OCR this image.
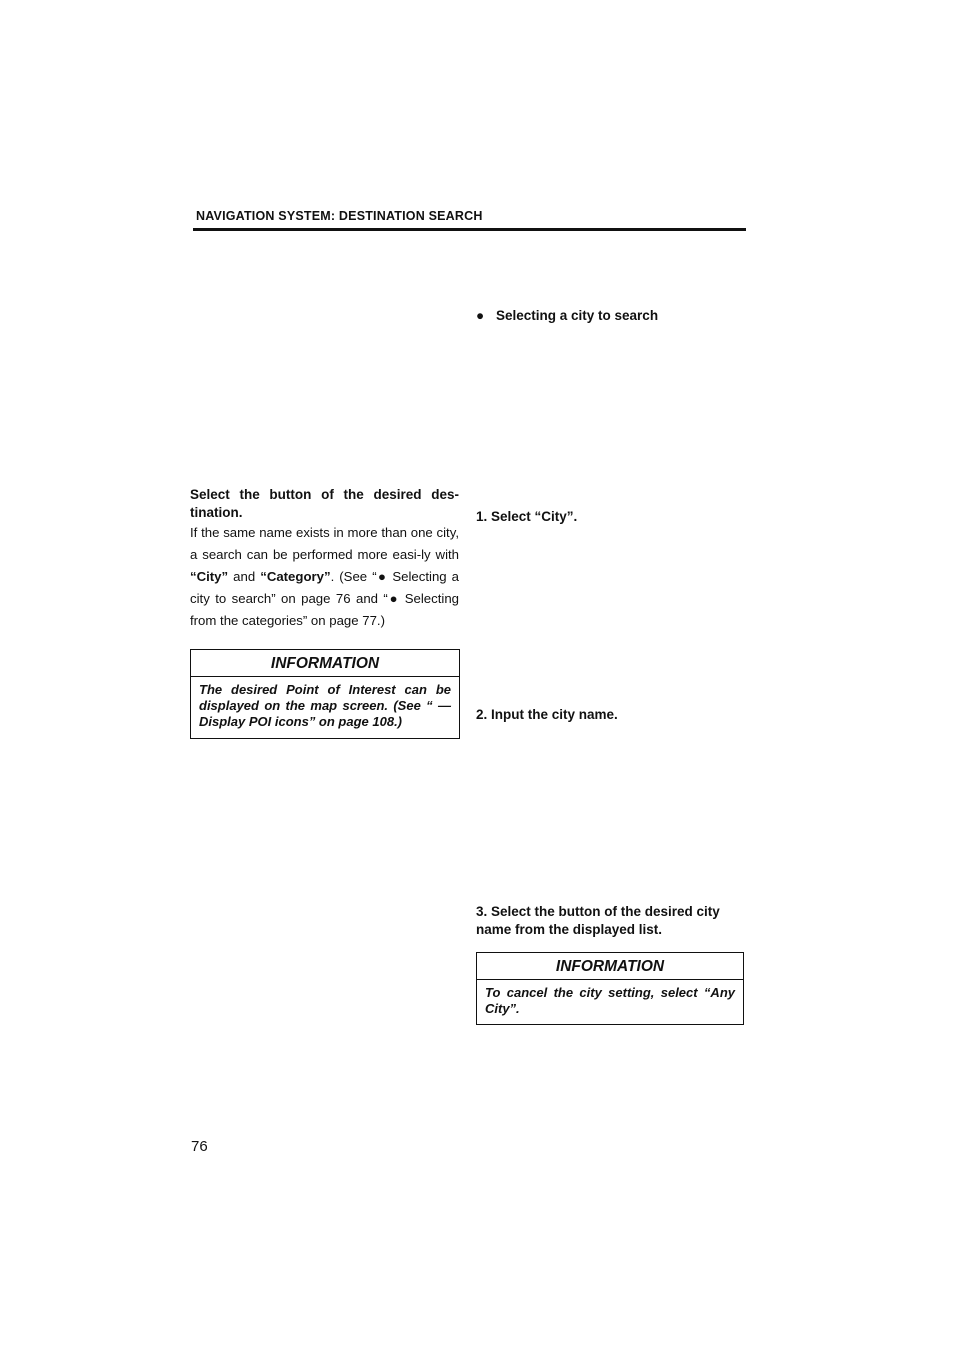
NAVIGATION SYSTEM: DESTINATION SEARCH
Select the button of the desired des-tination.
If the same name exists in more than one city, a search can be performed more easi-ly with “City” and “Category”. (See “● Selecting a city to search” on page 76 and “● Selecting from the categories” on page 77.)
INFORMATION
The desired Point of Interest can be displayed on the map screen. (See “ — Display POI icons” on page 108.)
● Selecting a city to search
1. Select “City”.
2. Input the city name.
3. Select the button of the desired city name from the displayed list.
INFORMATION
To cancel the city setting, select “Any City”.
76
